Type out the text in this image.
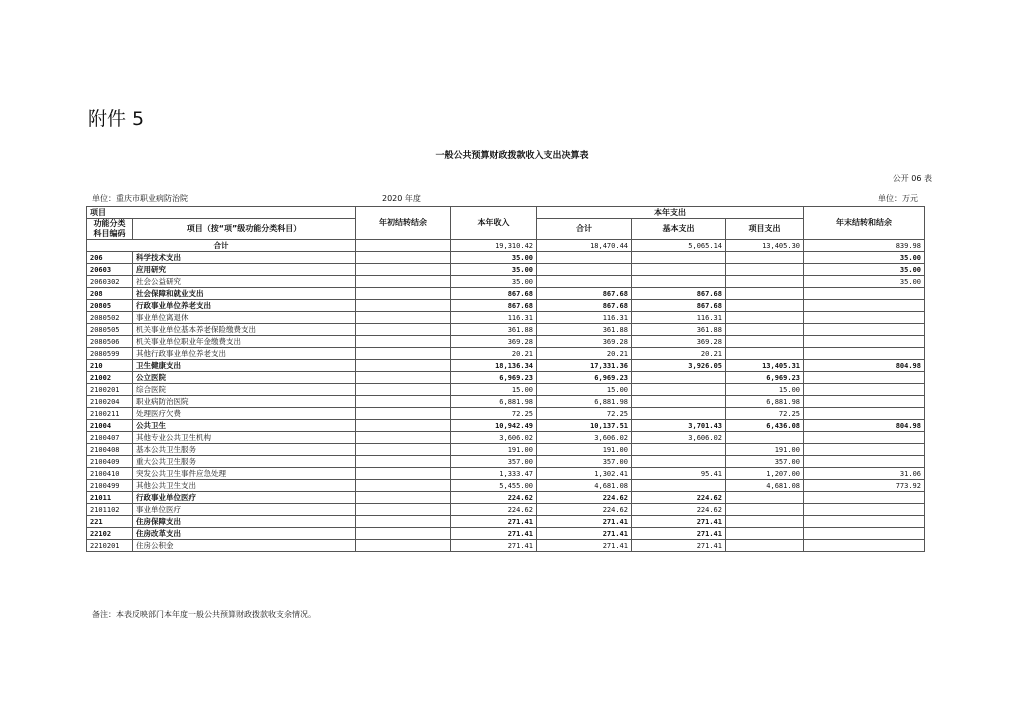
附件 5
一般公共预算财政拨款收入支出决算表
公开 06 表
单位：重庆市职业病防治院	2020 年度	单位：万元
项目		年初结转结余	本年收入	本年支出			年末结转和结余
功能分类科目编码	项目（按“项”级功能分类科目）			合计	基本支出	项目支出	
合计			19,310.42	18,470.44	5,065.14	13,405.30	839.98
206	科学技术支出		35.00				35.00
20603	应用研究		35.00				35.00
2060302	社会公益研究		35.00				35.00
208	社会保障和就业支出		867.68	867.68	867.68		
20805	行政事业单位养老支出		867.68	867.68	867.68		
2080502	事业单位离退休		116.31	116.31	116.31		
2080505	机关事业单位基本养老保险缴费支出		361.88	361.88	361.88		
2080506	机关事业单位职业年金缴费支出		369.28	369.28	369.28		
2080599	其他行政事业单位养老支出		20.21	20.21	20.21		
210	卫生健康支出		18,136.34	17,331.36	3,926.05	13,405.31	804.98
21002	公立医院		6,969.23	6,969.23		6,969.23	
2100201	综合医院		15.00	15.00		15.00	
2100204	职业病防治医院		6,881.98	6,881.98		6,881.98	
2100211	处理医疗欠费		72.25	72.25		72.25	
21004	公共卫生		10,942.49	10,137.51	3,701.43	6,436.08	804.98
2100407	其他专业公共卫生机构		3,606.02	3,606.02	3,606.02		
2100408	基本公共卫生服务		191.00	191.00		191.00	
2100409	重大公共卫生服务		357.00	357.00		357.00	
2100410	突发公共卫生事件应急处理		1,333.47	1,302.41	95.41	1,207.00	31.06
2100499	其他公共卫生支出		5,455.00	4,681.08		4,681.08	773.92
21011	行政事业单位医疗		224.62	224.62	224.62		
2101102	事业单位医疗		224.62	224.62	224.62		
221	住房保障支出		271.41	271.41	271.41		
22102	住房改革支出		271.41	271.41	271.41		
2210201	住房公积金		271.41	271.41	271.41		
备注：本表反映部门本年度一般公共预算财政拨款收支余情况。
